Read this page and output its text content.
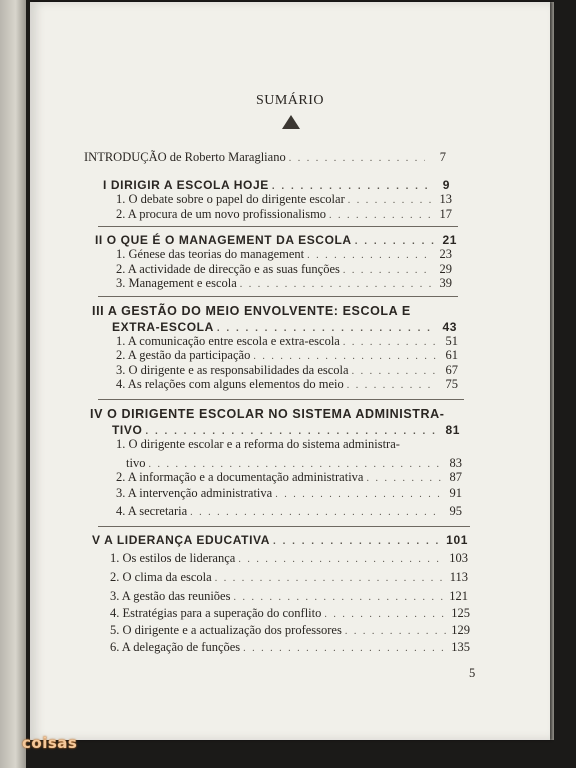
SUMÁRIO
INTRODUÇÃO de Roberto Maragliano . . .	7
I DIRIGIR A ESCOLA HOJE . . .	9
1. O debate sobre o papel do dirigente escolar . . .	13
2. A procura de um novo profissionalismo . . .	17
II O QUE É O MANAGEMENT DA ESCOLA . . .	21
1. Génese das teorias do management . . .	23
2. A actividade de direcção e as suas funções . . .	29
3. Management e escola . . .	39
III A GESTÃO DO MEIO ENVOLVENTE: ESCOLA E
EXTRA-ESCOLA . . .	43
1. A comunicação entre escola e extra-escola . . .	51
2. A gestão da participação . . .	61
3. O dirigente e as responsabilidades da escola . . .	67
4. As relações com alguns elementos do meio . . .	75
IV O DIRIGENTE ESCOLAR NO SISTEMA ADMINISTRA-
TIVO . . .	81
1. O dirigente escolar e a reforma do sistema administra-
tivo . . .	83
2. A informação e a documentação administrativa . . .	87
3. A intervenção administrativa . . .	91
4. A secretaria . . .	95
V A LIDERANÇA EDUCATIVA . . .	101
1. Os estilos de liderança . . .	103
2. O clima da escola . . .	113
3. A gestão das reuniões . . .	121
4. Estratégias para a superação do conflito . . .	125
5. O dirigente e a actualização dos professores . . .	129
6. A delegação de funções . . .	135
5
coisas
